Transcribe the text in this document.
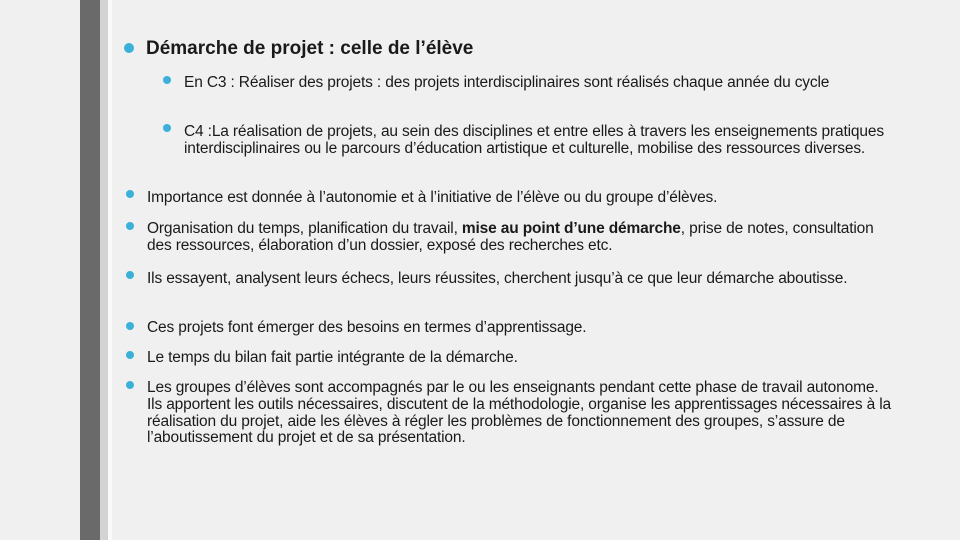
Démarche de projet : celle de l’élève
En C3 : Réaliser des projets : des projets interdisciplinaires sont réalisés chaque année du cycle
C4 :La réalisation de projets, au sein des disciplines et entre elles à travers les enseignements pratiques interdisciplinaires ou le parcours d’éducation artistique et culturelle, mobilise des ressources diverses.
Importance est donnée à l’autonomie et à l’initiative de l’élève ou du groupe d’élèves.
Organisation du temps, planification du travail, mise au point d’une démarche, prise de notes, consultation des ressources, élaboration d’un dossier, exposé des recherches etc.
Ils essayent, analysent leurs échecs, leurs réussites, cherchent jusqu’à ce que leur démarche aboutisse.
Ces projets font émerger des besoins en termes d’apprentissage.
Le temps du bilan fait partie intégrante de la démarche.
Les groupes d’élèves sont accompagnés par le ou les enseignants pendant cette phase de travail autonome. Ils apportent les outils nécessaires, discutent de la méthodologie, organise les apprentissages nécessaires à la réalisation du projet, aide les élèves à régler les problèmes de fonctionnement des groupes, s’assure de l’aboutissement du projet et de sa présentation.
